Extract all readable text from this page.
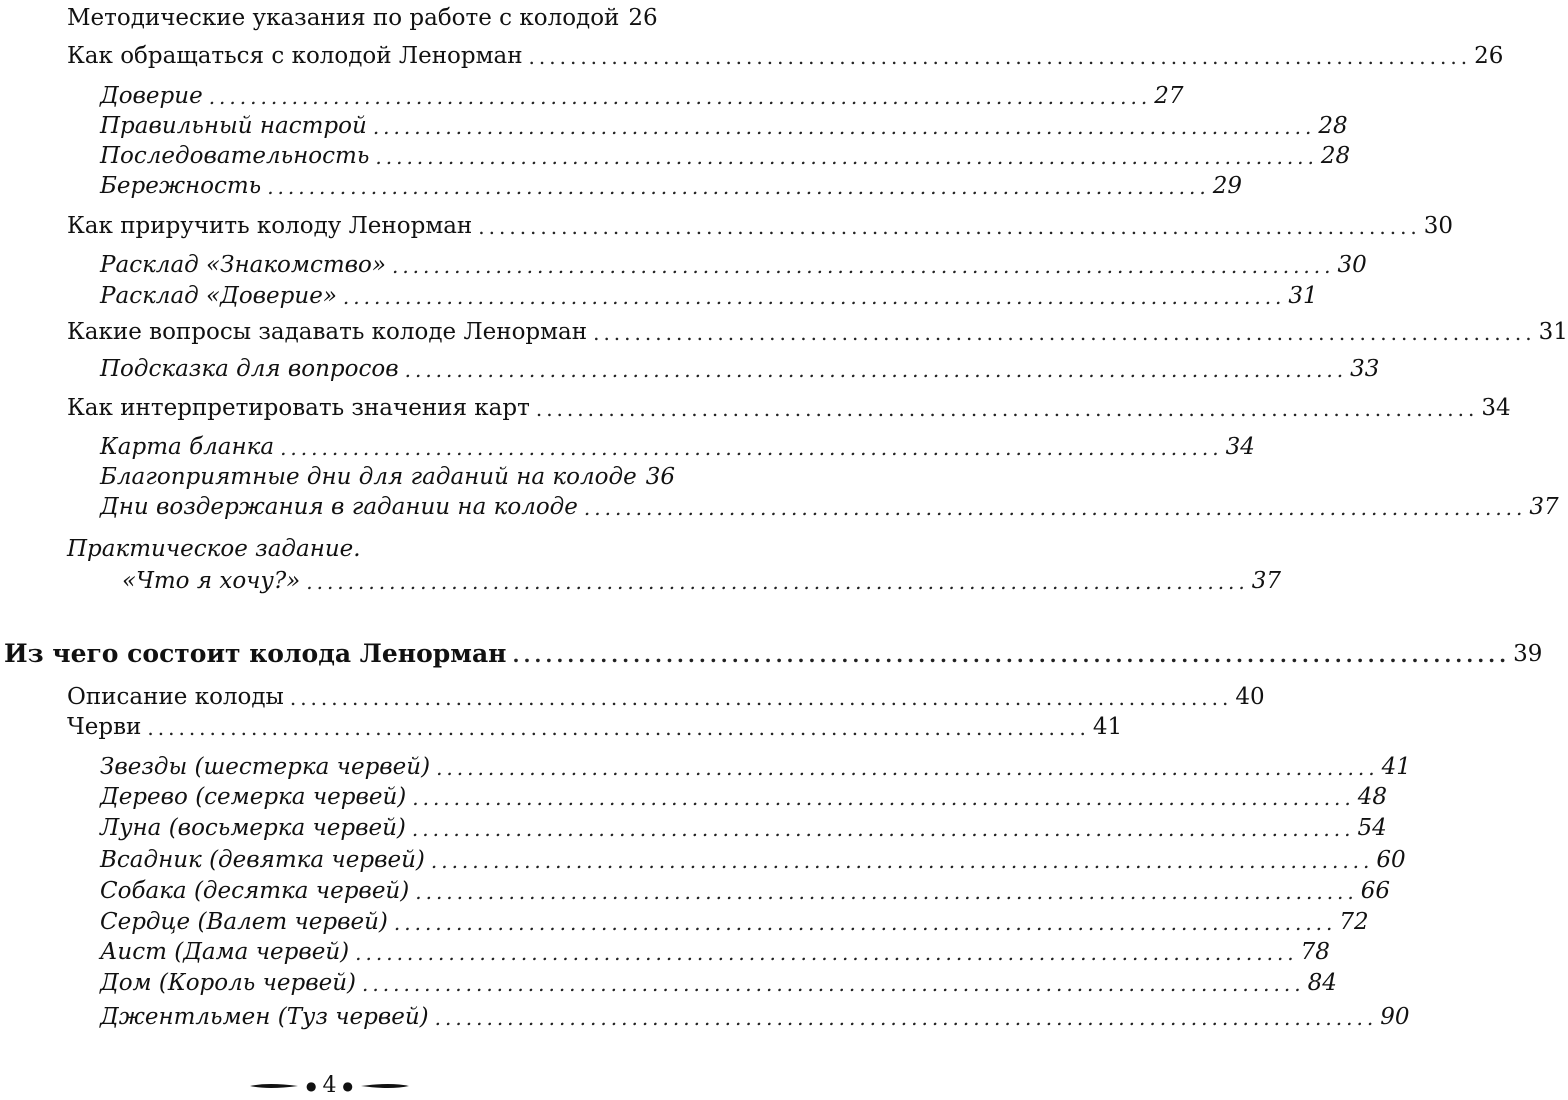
Методические указания по работе с колодой 26
Как обращаться с колодой Ленорман ........................................................................................... 26
Доверие ........................................................................................... 27
Правильный настрой ........................................................................................... 28
Последовательность ........................................................................................... 28
Бережность ........................................................................................... 29
Как приручить колоду Ленорман ........................................................................................... 30
Расклад «Знакомство» ........................................................................................... 30
Расклад «Доверие» ........................................................................................... 31
Какие вопросы задавать колоде Ленорман ........................................................................................... 31
Подсказка для вопросов ........................................................................................... 33
Как интерпретировать значения карт ........................................................................................... 34
Карта бланка ........................................................................................... 34
Благоприятные дни для гаданий на колоде 36
Дни воздержания в гадании на колоде ........................................................................................... 37
Практическое задание.
«Что я хочу?» ........................................................................................... 37
Из чего состоит колода Ленорман ........................................................................................... 39
Описание колоды ........................................................................................... 40
Черви ........................................................................................... 41
Звезды (шестерка червей) ........................................................................................... 41
Дерево (семерка червей) ........................................................................................... 48
Луна (восьмерка червей) ........................................................................................... 54
Всадник (девятка червей) ........................................................................................... 60
Собака (десятка червей) ........................................................................................... 66
Сердце (Валет червей) ........................................................................................... 72
Аист (Дама червей) ........................................................................................... 78
Дом (Король червей) ........................................................................................... 84
Джентльмен (Туз червей) ........................................................................................... 90
● 4 ●
